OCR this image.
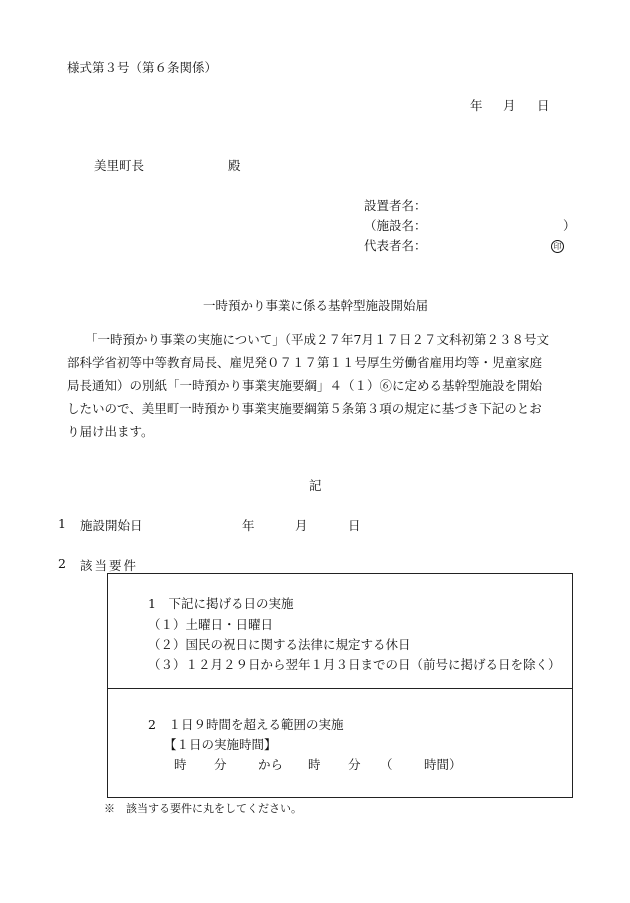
様式第３号（第６条関係）
年 月 日
美里町長	殿
設置者名：
（施設名：	）
代表者名：	印
一時預かり事業に係る基幹型施設開始届
「一時預かり事業の実施について」（平成２７年7月１７日２７文科初第２３８号文
部科学省初等中等教育局長、雇児発０７１７第１１号厚生労働省雇用均等・児童家庭
局長通知）の別紙「一時預かり事業実施要綱」４（１）⑥に定める基幹型施設を開始
したいので、美里町一時預かり事業実施要綱第５条第３項の規定に基づき下記のとお
り届け出ます。
記
1 施設開始日	年	月	日
2 該当要件
1　下記に掲げる日の実施
（１）土曜日・日曜日
（２）国民の祝日に関する法律に規定する休日
（３）１２月２９日から翌年１月３日までの日（前号に掲げる日を除く）
2　１日９時間を超える範囲の実施
【１日の実施時間】
時 分	から 時 分 （	時間）
※　該当する要件に丸をしてください。
